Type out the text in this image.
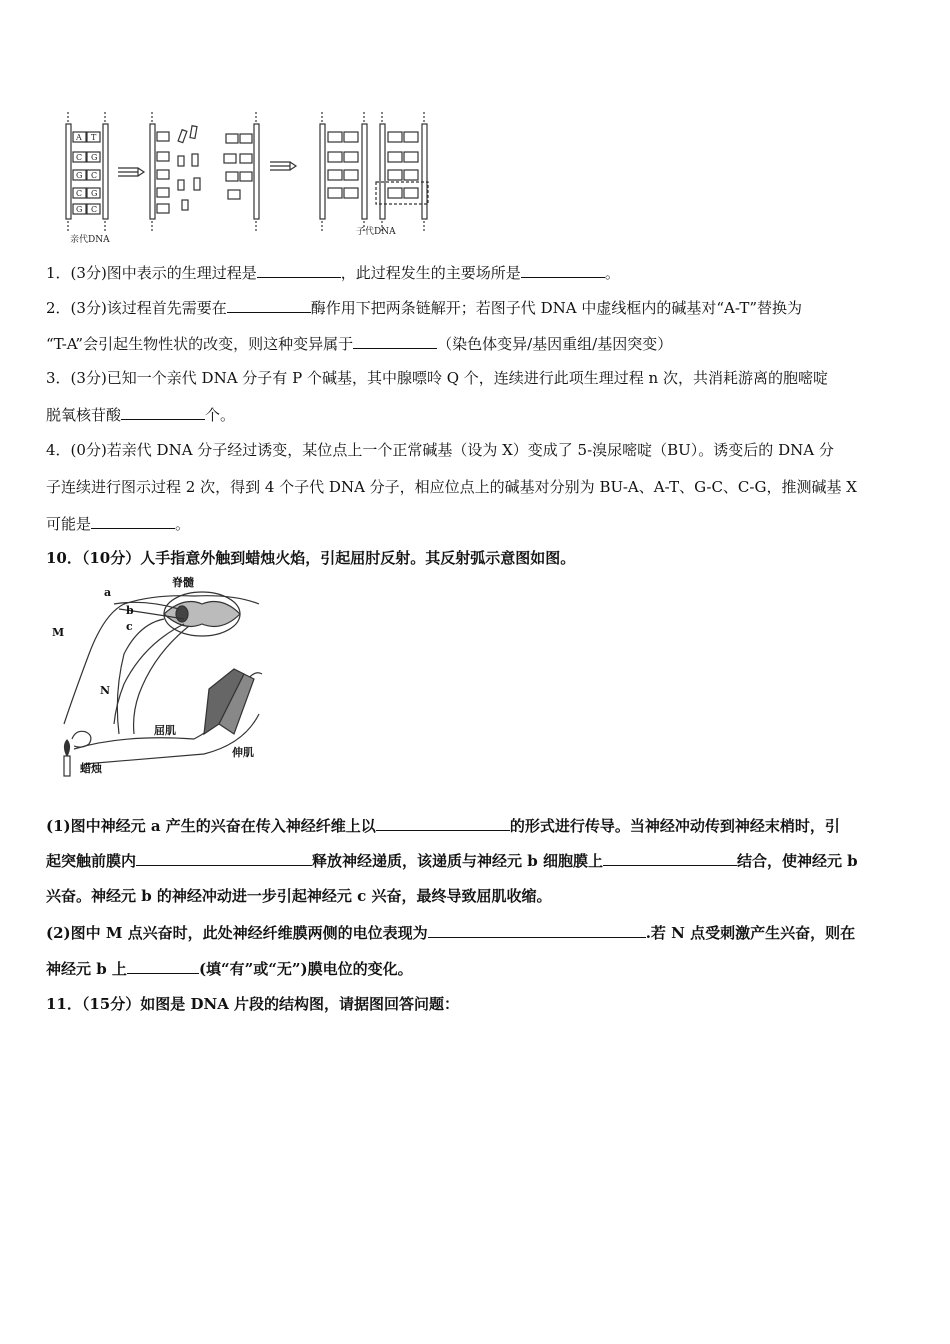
A T
C G
G C
C G
G C
亲代DNA
子代DNA
1．(3分)图中表示的生理过程是	，此过程发生的主要场所是	。
2．(3分)该过程首先需要在	酶作用下把两条链解开；若图子代 DNA 中虚线框内的碱基对“A-T”替换为
“T-A”会引起生物性状的改变，则这种变异属于	（染色体变异/基因重组/基因突变）
3．(3分)已知一个亲代 DNA 分子有 P 个碱基，其中腺嘌呤 Q 个，连续进行此项生理过程 n 次，共消耗游离的胞嘧啶
脱氧核苷酸	个。
4．(0分)若亲代 DNA 分子经过诱变，某位点上一个正常碱基（设为 X）变成了 5-溴尿嘧啶（BU）。诱变后的 DNA 分
子连续进行图示过程 2 次，得到 4 个子代 DNA 分子，相应位点上的碱基对分别为 BU-A、A-T、G-C、C-G，推测碱基 X
可能是	。
10．（10分）人手指意外触到蜡烛火焰，引起屈肘反射。其反射弧示意图如图。
脊髓
a
b
c
M
N
屈肌
伸肌
蜡烛
(1)图中神经元 a 产生的兴奋在传入神经纤维上以	的形式进行传导。当神经冲动传到神经末梢时，引
起突触前膜内	释放神经递质，该递质与神经元 b 细胞膜上	结合，使神经元 b
兴奋。神经元 b 的神经冲动进一步引起神经元 c 兴奋，最终导致屈肌收缩。
(2)图中 M 点兴奋时，此处神经纤维膜两侧的电位表现为	.若 N 点受刺激产生兴奋，则在
神经元 b 上	(填“有”或“无”)膜电位的变化。
11．（15分）如图是 DNA 片段的结构图，请据图回答问题：
